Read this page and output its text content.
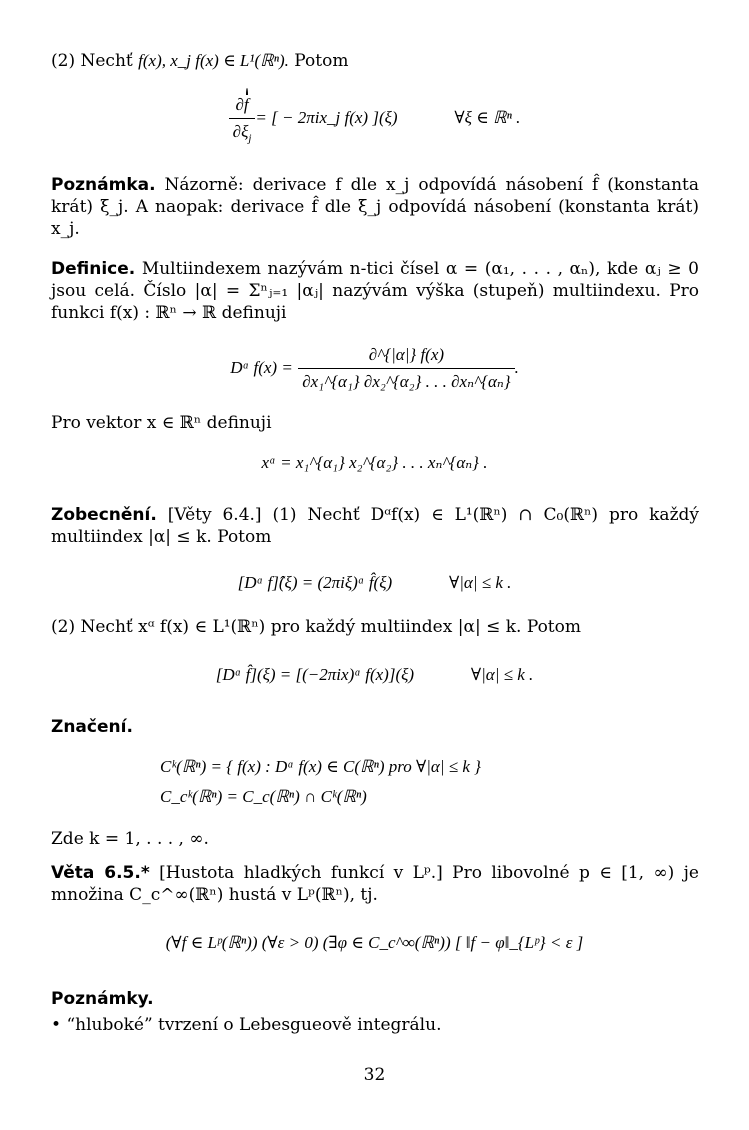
(2) Nechť f(x), x_j f(x) ∈ L¹(ℝⁿ). Potom
$\frac{\partial f}{\partial\xi_j}$ = [ − 2πix_j f(x) ](ξ)	∀ξ ∈ ℝⁿ .
Poznámka. Názorně: derivace f dle x_j odpovídá násobení f̂ (konstanta krát) ξ_j. A naopak: derivace f̂ dle ξ_j odpovídá násobení (konstanta krát) x_j.
Definice. Multiindexem nazývám n-tici čísel α = (α₁, . . . , αₙ), kde αⱼ ≥ 0 jsou celá. Číslo |α| = Σⁿⱼ₌₁ |αⱼ| nazývám výška (stupeň) multiindexu. Pro funkci f(x) : ℝⁿ → ℝ definuji
Dᵅ $f(x) = \frac{\partial\^{}\{|\alpha|\} f(x)}{\text{∂x₁\textasciicircum{}\{α₁\} ∂x₂\textasciicircum{}\{α₂\} . . . ∂xₙ\textasciicircum{}\{αₙ\}}}$ .
Pro vektor x ∈ ℝⁿ definuji
xᵅ = x₁^{α₁} x₂^{α₂} . . . xₙ^{αₙ} .
Zobecnění. [Věty 6.4.] (1) Nechť Dᵅf(x) ∈ L¹(ℝⁿ) ∩ C₀(ℝⁿ) pro každý multiindex |α| ≤ k. Potom
[Dᵅ f]̂(ξ) = (2πiξ)ᵅ f̂(ξ)	∀|α| ≤ k .
(2) Nechť xᵅ f(x) ∈ L¹(ℝⁿ) pro každý multiindex |α| ≤ k. Potom
[Dᵅ f̂](ξ) = [(−2πix)ᵅ f(x)](ξ)	∀|α| ≤ k .
Značení.
Cᵏ(ℝⁿ) = { f(x) : Dᵅ f(x) ∈ C(ℝⁿ) pro ∀|α| ≤ k }
C_cᵏ(ℝⁿ) = C_c(ℝⁿ) ∩ Cᵏ(ℝⁿ)
Zde k = 1, . . . , ∞.
Věta 6.5.* [Hustota hladkých funkcí v Lᵖ.] Pro libovolné p ∈ [1, ∞) je množina C_c^∞(ℝⁿ) hustá v Lᵖ(ℝⁿ), tj.
(∀f ∈ Lᵖ(ℝⁿ)) (∀ε > 0) (∃φ ∈ C_c^∞(ℝⁿ)) [ ‖f − φ‖_{Lᵖ} < ε ]
Poznámky.
• “hluboké” tvrzení o Lebesgueově integrálu.
32
